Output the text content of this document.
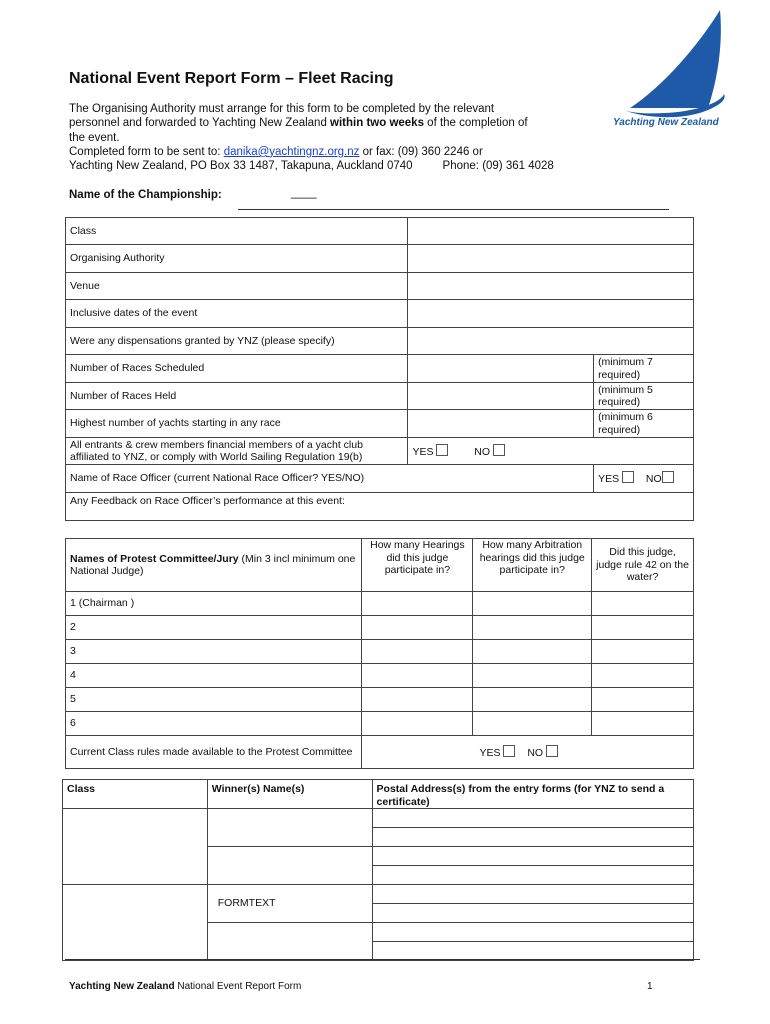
Yachting New Zealand
National Event Report Form – Fleet Racing
The Organising Authority must arrange for this form to be completed by the relevant
personnel and forwarded to Yachting New Zealand within two weeks of the completion of
the event.
Completed form to be sent to: danika@yachtingnz.org.nz or fax: (09) 360 2246 or
Yachting New Zealand, PO Box 33 1487, Takapuna, Auckland 0740	Phone: (09) 361 4028
Name of the Championship:	____
Class		
Organising Authority		
Venue		
Inclusive dates of the event		
Were any dispensations granted by YNZ (please specify)		
Number of Races Scheduled		(minimum 7 required)
Number of Races Held		(minimum 5 required)
Highest number of yachts starting in any race		(minimum 6 required)
All entrants & crew members financial members of a yacht club affiliated to YNZ, or comply with World Sailing Regulation 19(b)	YES NO	
Name of Race Officer (current National Race Officer? YES/NO)		YES NO
Any Feedback on Race Officer’s performance at this event:		
Names of Protest Committee/Jury (Min 3 incl minimum one National Judge)	How many Hearings did this judge participate in?	How many Arbitration hearings did this judge participate in?	Did this judge, judge rule 42 on the water?
1 (Chairman )			
2			
3			
4			
5			
6			
Current Class rules made available to the Protest Committee	YES NO		
Class	Winner(s) Name(s)	Postal Address(s) from the entry forms (for YNZ to send a certificate)

	FORMTEXT	

Yachting New Zealand National Event Report Form	1
